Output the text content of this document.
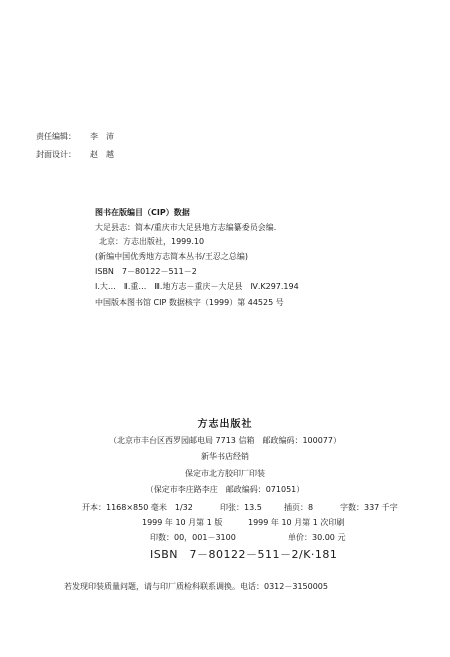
责任编辑： 李　沛
封面设计： 赵　越
图书在版编目（CIP）数据
大足县志：简本/重庆市大足县地方志编纂委员会编.
北京：方志出版社，1999.10
(新编中国优秀地方志简本丛书/王忍之总编)
ISBN　7－80122－511－2
Ⅰ.大…　Ⅱ.重…　Ⅲ.地方志－重庆－大足县　Ⅳ.K297.194
中国版本图书馆 CIP 数据核字（1999）第 44525 号
方志出版社
（北京市丰台区西罗园邮电局 7713 信箱　邮政编码：100077）
新华书店经销
保定市北方胶印厂印装
（保定市李庄路李庄　邮政编码：071051）
开本：1168×850 毫米　1/32	印张：13.5	插页：8	字数：337 千字
1999 年 10 月第 1 版	1999 年 10 月第 1 次印刷
印数：00，001－3100	单价：30.00 元
ISBN　7－80122－511－2/K·181
若发现印装质量问题，请与印厂质检科联系调换。电话：0312－3150005
